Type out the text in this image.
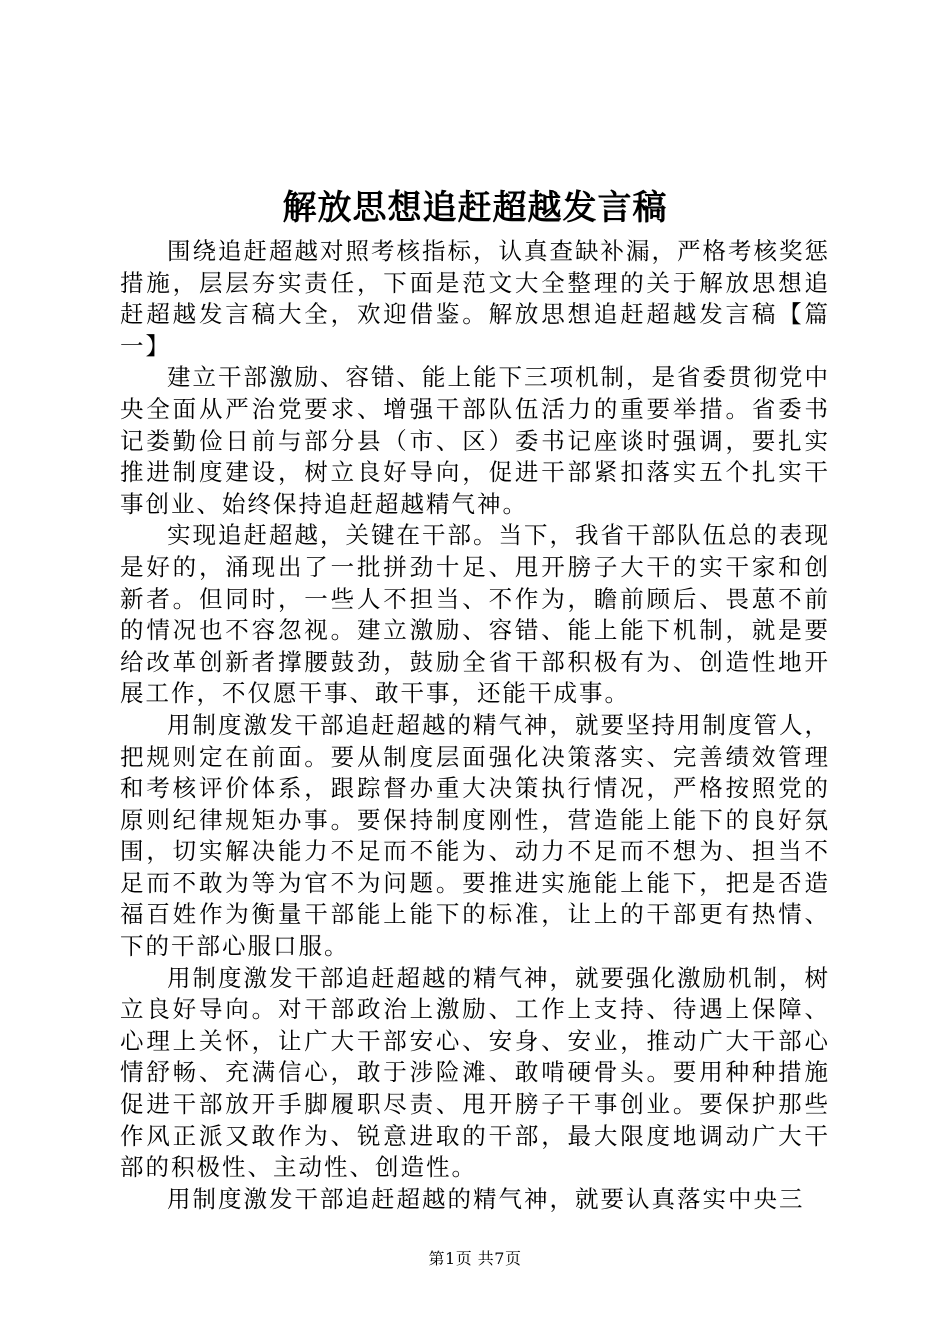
解放思想追赶超越发言稿

围绕追赶超越对照考核指标，认真查缺补漏，严格考核奖惩措施，层层夯实责任，下面是范文大全整理的关于解放思想追赶超越发言稿大全，欢迎借鉴。解放思想追赶超越发言稿【篇一】

建立干部激励、容错、能上能下三项机制，是省委贯彻党中央全面从严治党要求、增强干部队伍活力的重要举措。省委书记娄勤俭日前与部分县（市、区）委书记座谈时强调，要扎实推进制度建设，树立良好导向，促进干部紧扣落实五个扎实干事创业、始终保持追赶超越精气神。

实现追赶超越，关键在干部。当下，我省干部队伍总的表现是好的，涌现出了一批拼劲十足、甩开膀子大干的实干家和创新者。但同时，一些人不担当、不作为，瞻前顾后、畏葸不前的情况也不容忽视。建立激励、容错、能上能下机制，就是要给改革创新者撑腰鼓劲，鼓励全省干部积极有为、创造性地开展工作，不仅愿干事、敢干事，还能干成事。

用制度激发干部追赶超越的精气神，就要坚持用制度管人，把规则定在前面。要从制度层面强化决策落实、完善绩效管理和考核评价体系，跟踪督办重大决策执行情况，严格按照党的原则纪律规矩办事。要保持制度刚性，营造能上能下的良好氛围，切实解决能力不足而不能为、动力不足而不想为、担当不足而不敢为等为官不为问题。要推进实施能上能下，把是否造福百姓作为衡量干部能上能下的标准，让上的干部更有热情、下的干部心服口服。

用制度激发干部追赶超越的精气神，就要强化激励机制，树立良好导向。对干部政治上激励、工作上支持、待遇上保障、心理上关怀，让广大干部安心、安身、安业，推动广大干部心情舒畅、充满信心，敢于涉险滩、敢啃硬骨头。要用种种措施促进干部放开手脚履职尽责、甩开膀子干事创业。要保护那些作风正派又敢作为、锐意进取的干部，最大限度地调动广大干部的积极性、主动性、创造性。

用制度激发干部追赶超越的精气神，就要认真落实中央三

第1页 共7页
